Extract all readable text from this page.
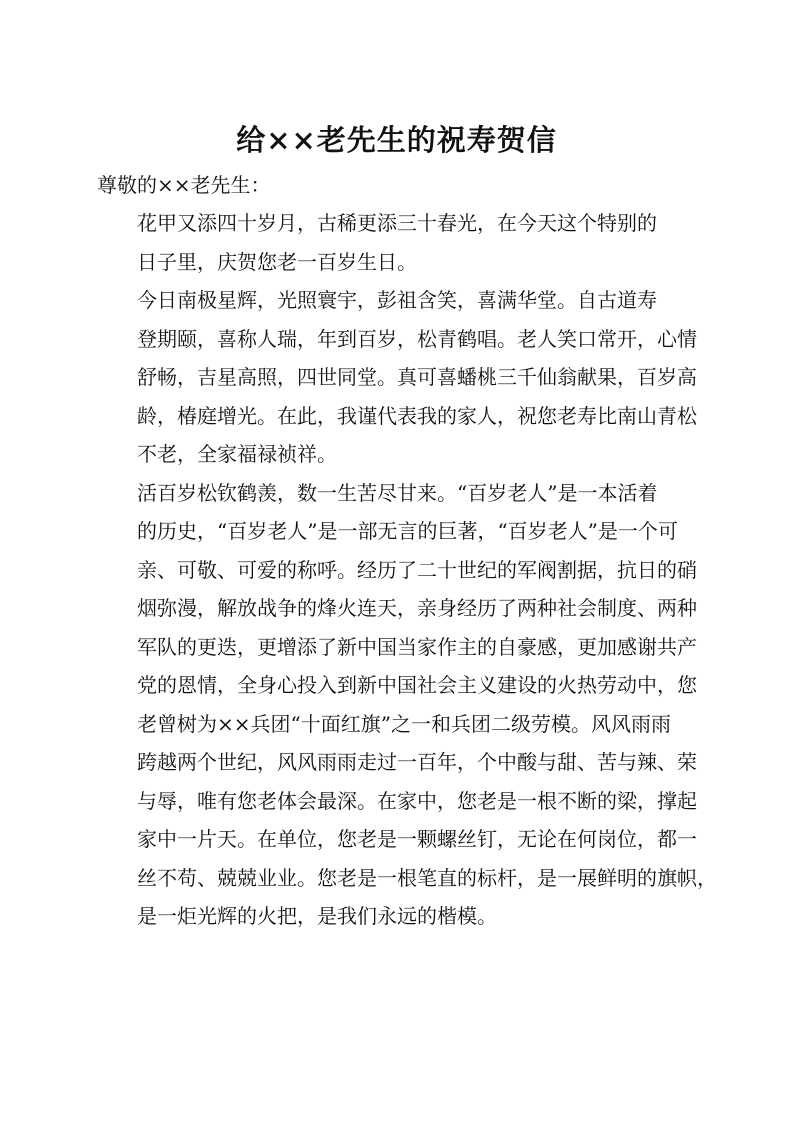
给××老先生的祝寿贺信
尊敬的××老先生：

花甲又添四十岁月，古稀更添三十春光，在今天这个特别的
日子里，庆贺您老一百岁生日。

今日南极星辉，光照寰宇，彭祖含笑，喜满华堂。自古道寿
登期颐，喜称人瑞，年到百岁，松青鹤唱。老人笑口常开，心情
舒畅，吉星高照，四世同堂。真可喜蟠桃三千仙翁献果，百岁高
龄，椿庭增光。在此，我谨代表我的家人，祝您老寿比南山青松
不老，全家福禄祯祥。

活百岁松钦鹤羡，数一生苦尽甘来。“百岁老人”是一本活着
的历史，“百岁老人”是一部无言的巨著，“百岁老人”是一个可
亲、可敬、可爱的称呼。经历了二十世纪的军阀割据，抗日的硝
烟弥漫，解放战争的烽火连天，亲身经历了两种社会制度、两种
军队的更迭，更增添了新中国当家作主的自豪感，更加感谢共产
党的恩情，全身心投入到新中国社会主义建设的火热劳动中，您
老曾树为××兵团“十面红旗”之一和兵团二级劳模。风风雨雨
跨越两个世纪，风风雨雨走过一百年，个中酸与甜、苦与辣、荣
与辱，唯有您老体会最深。在家中，您老是一根不断的梁，撑起
家中一片天。在单位，您老是一颗螺丝钉，无论在何岗位，都一
丝不苟、兢兢业业。您老是一根笔直的标杆，是一展鲜明的旗帜，
是一炬光辉的火把，是我们永远的楷模。
